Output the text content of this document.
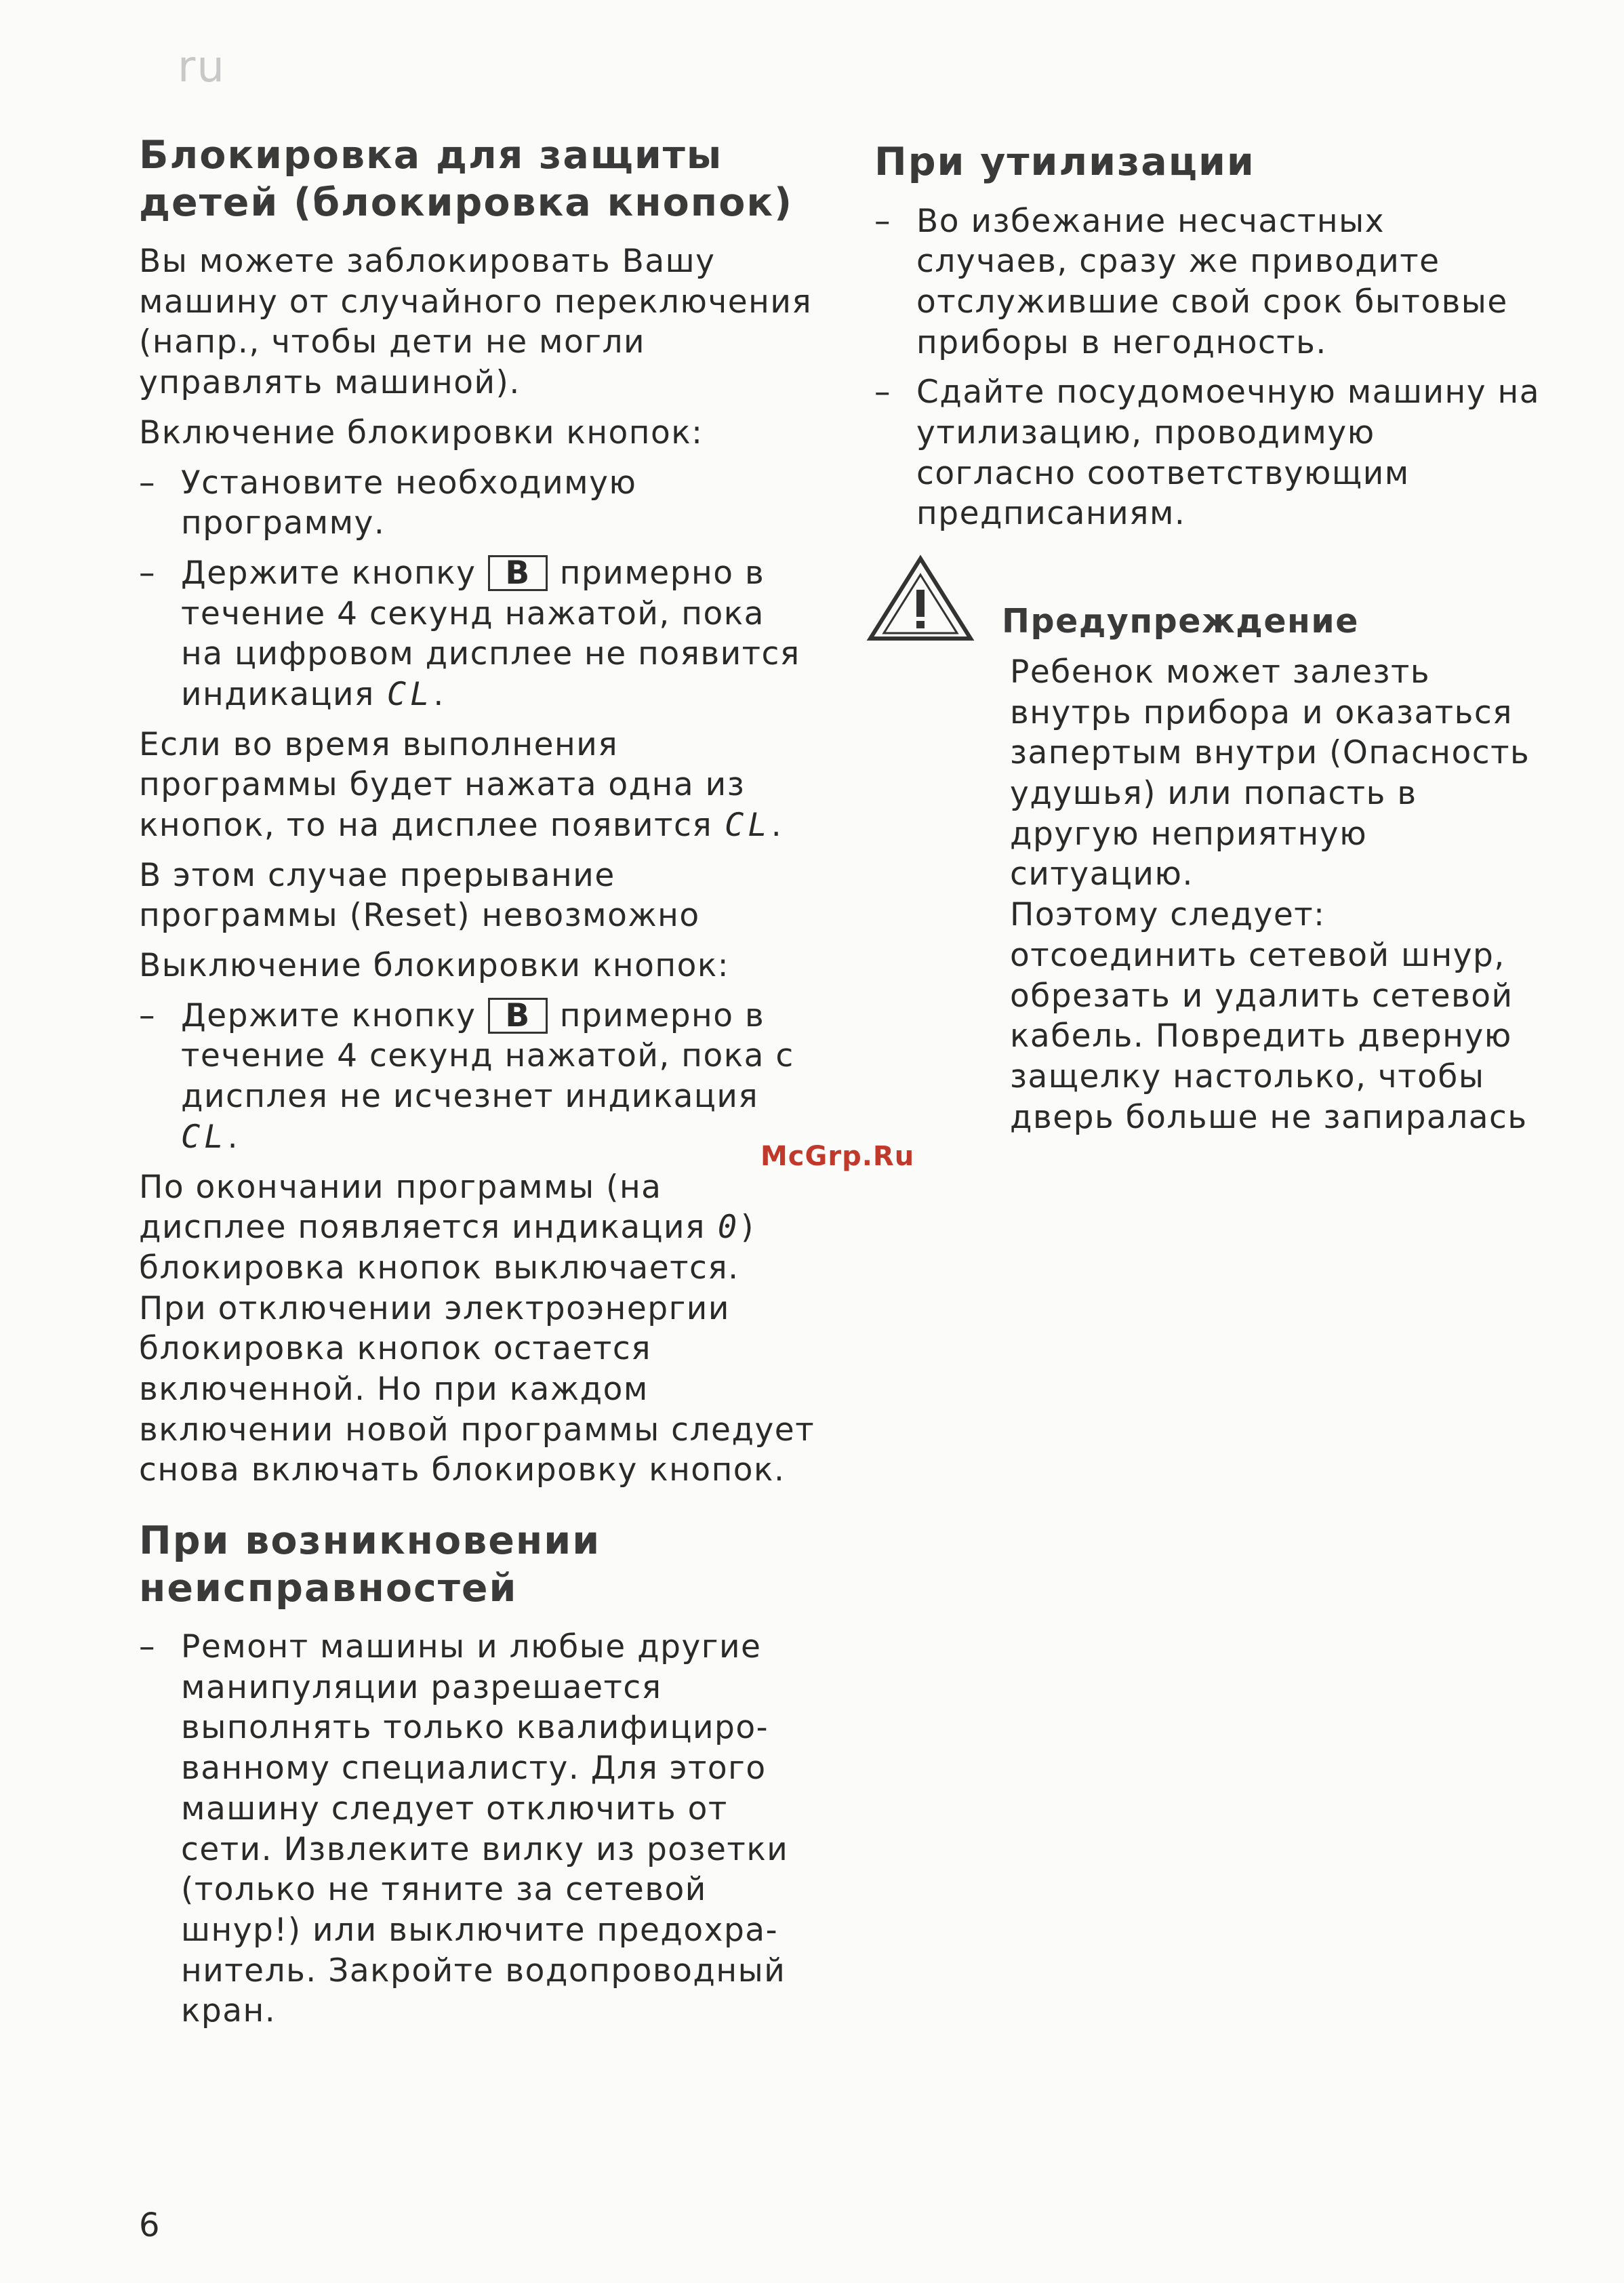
ru
Блокировка для защиты детей (блокировка кнопок)

Вы можете заблокировать Вашу машину от случайного переключения (напр., чтобы дети не могли управлять машиной).

Включение блокировки кнопок:

– Установите необходимую программу.
– Держите кнопку B примерно в течение 4 секунд нажатой, пока на цифровом дисплее не появится индикация CL.

Если во время выполнения программы будет нажата одна из кнопок, то на дисплее появится CL.

В этом случае прерывание программы (Reset) невозможно

Выключение блокировки кнопок:

– Держите кнопку B примерно в течение 4 секунд нажатой, пока с дисплея не исчезнет индикация
CL.

По окончании программы (на дисплее появляется индикация 0) блокировка кнопок выключается. При отключении электроэнергии блокировка кнопок остается включенной. Но при каждом включении новой программы следует снова включать блокировку кнопок.

При возникновении неисправностей
– Ремонт машины и любые другие манипуляции разрешается выполнять только квалифициро-ванному специалисту. Для этого машину следует отключить от сети. Извлеките вилку из розетки (только не тяните за сетевой шнур!) или выключите предохра-нитель. Закройте водопроводный кран.
При утилизации
– Во избежание несчастных случаев, сразу же приводите отслужившие свой срок бытовые приборы в негодность.
– Сдайте посудомоечную машину на утилизацию, проводимую согласно соответствующим предписаниям.
Предупреждение

Ребенок может залезть внутрь прибора и оказаться запертым внутри (Опасность удушья) или попасть в другую неприятную ситуацию.

Поэтому следует: отсоединить сетевой шнур, обрезать и удалить сетевой кабель. Повредить дверную защелку настолько, чтобы дверь больше не запиралась

McGrp.Ru
6
